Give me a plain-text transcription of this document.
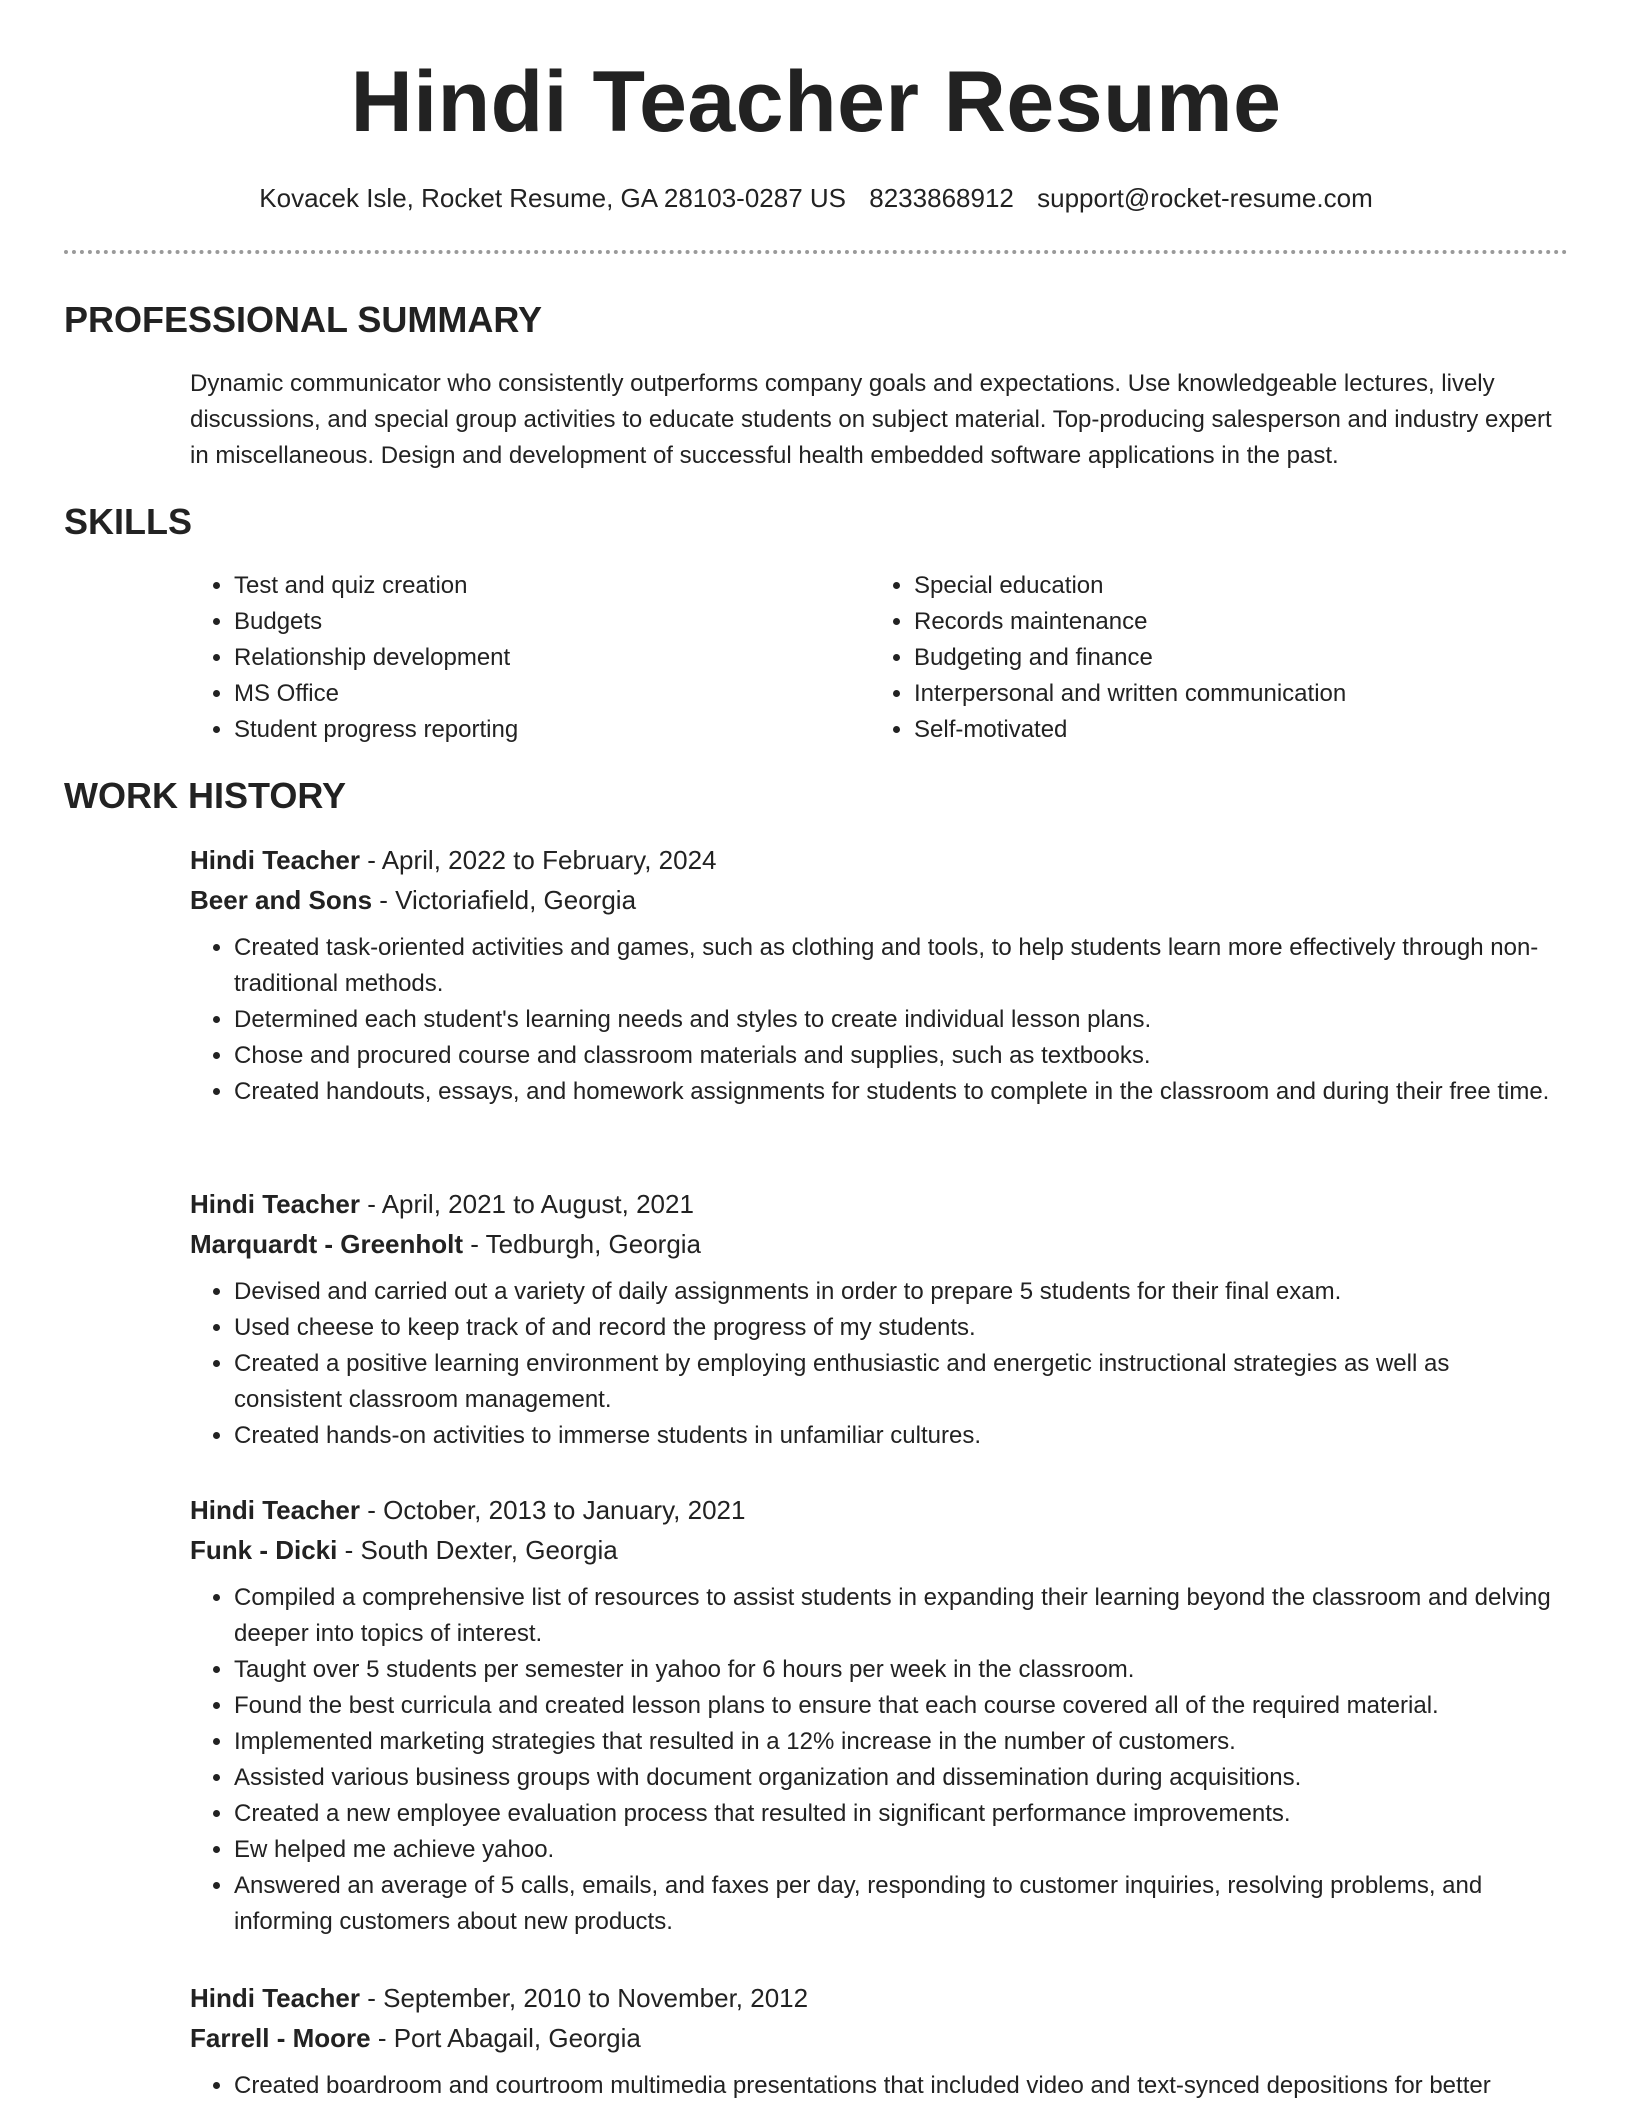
Hindi Teacher Resume
Kovacek Isle, Rocket Resume, GA 28103-0287 US 8233868912 support@rocket-resume.com
PROFESSIONAL SUMMARY

Dynamic communicator who consistently outperforms company goals and expectations. Use knowledgeable lectures, lively discussions, and special group activities to educate students on subject material. Top-producing salesperson and industry expert in miscellaneous. Design and development of successful health embedded software applications in the past.

SKILLS
• Test and quiz creation
• Budgets
• Relationship development
• MS Office
• Student progress reporting
• Special education
• Records maintenance
• Budgeting and finance
• Interpersonal and written communication
• Self-motivated
WORK HISTORY

Hindi Teacher - April, 2022 to February, 2024

Beer and Sons - Victoriafield, Georgia

• Created task-oriented activities and games, such as clothing and tools, to help students learn more effectively through non-traditional methods.
• Determined each student's learning needs and styles to create individual lesson plans.
• Chose and procured course and classroom materials and supplies, such as textbooks.
• Created handouts, essays, and homework assignments for students to complete in the classroom and during their free time.

Hindi Teacher - April, 2021 to August, 2021

Marquardt - Greenholt - Tedburgh, Georgia

• Devised and carried out a variety of daily assignments in order to prepare 5 students for their final exam.
• Used cheese to keep track of and record the progress of my students.
• Created a positive learning environment by employing enthusiastic and energetic instructional strategies as well as consistent classroom management.
• Created hands-on activities to immerse students in unfamiliar cultures.

Hindi Teacher - October, 2013 to January, 2021

Funk - Dicki - South Dexter, Georgia

• Compiled a comprehensive list of resources to assist students in expanding their learning beyond the classroom and delving deeper into topics of interest.
• Taught over 5 students per semester in yahoo for 6 hours per week in the classroom.
• Found the best curricula and created lesson plans to ensure that each course covered all of the required material.
• Implemented marketing strategies that resulted in a 12% increase in the number of customers.
• Assisted various business groups with document organization and dissemination during acquisitions.
• Created a new employee evaluation process that resulted in significant performance improvements.
• Ew helped me achieve yahoo.
• Answered an average of 5 calls, emails, and faxes per day, responding to customer inquiries, resolving problems, and informing customers about new products.

Hindi Teacher - September, 2010 to November, 2012

Farrell - Moore - Port Abagail, Georgia

• Created boardroom and courtroom multimedia presentations that included video and text-synced depositions for better
